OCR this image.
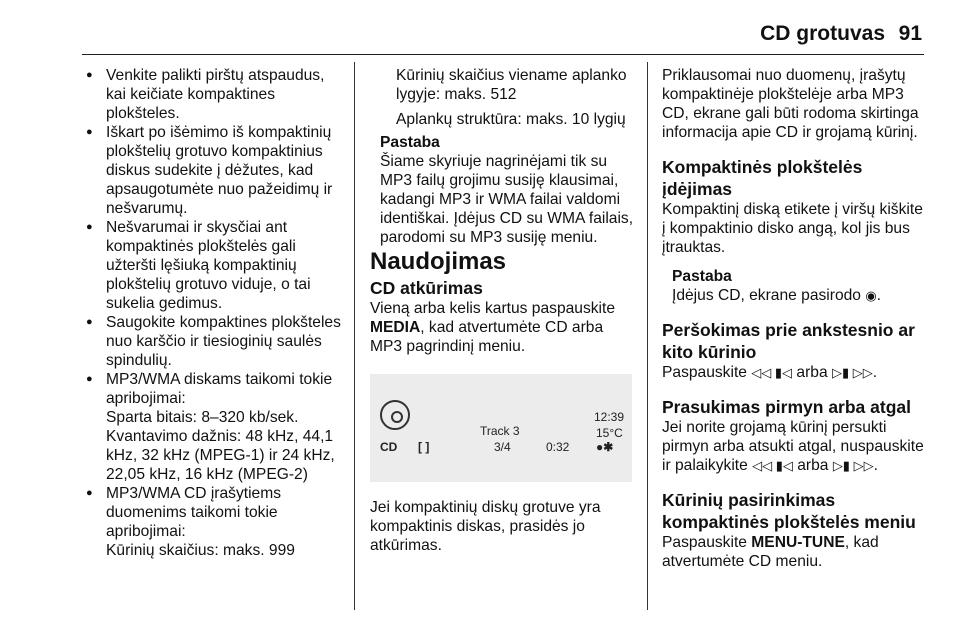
CD grotuvas 91

● Venkite palikti pirštų atspaudus, kai keičiate kompaktines plokšteles.

● Iškart po išėmimo iš kompaktinių plokštelių grotuvo kompaktinius diskus sudekite į dėžutes, kad apsaugotumėte nuo pažeidimų ir nešvarumų.

● Nešvarumai ir skysčiai ant kompaktinės plokštelės gali užteršti lęšiuką kompaktinių plokštelių grotuvo viduje, o tai sukelia gedimus.

● Saugokite kompaktines plokšteles nuo karščio ir tiesioginių saulės spindulių.

● MP3/WMA diskams taikomi tokie apribojimai:

Sparta bitais: 8–320 kb/sek.

Kvantavimo dažnis: 48 kHz, 44,1 kHz, 32 kHz (MPEG-1) ir 24 kHz, 22,05 kHz, 16 kHz (MPEG-2)

● MP3/WMA CD įrašytiems duomenims taikomi tokie apribojimai:

Kūrinių skaičius: maks. 999

Kūrinių skaičius viename aplanko lygyje: maks. 512

Aplankų struktūra: maks. 10 lygių

Pastaba

Šiame skyriuje nagrinėjami tik su MP3 failų grojimu susiję klausimai, kadangi MP3 ir WMA failai valdomi identiškai. Įdėjus CD su WMA failais, parodomi su MP3 susiję meniu.

Naudojimas

CD atkūrimas

Vieną arba kelis kartus paspauskite MEDIA, kad atvertumėte CD arba MP3 pagrindinį meniu.

CD [ ]
Track 3
3/4	0:32
12:39
15°C
●✱

Jei kompaktinių diskų grotuve yra kompaktinis diskas, prasidės jo atkūrimas.

Priklausomai nuo duomenų, įrašytų kompaktinėje plokštelėje arba MP3 CD, ekrane gali būti rodoma skirtinga informacija apie CD ir grojamą kūrinį.

Kompaktinės plokštelės įdėjimas

Kompaktinį diską etikete į viršų kiškite į kompaktinio disko angą, kol jis bus įtrauktas.

Pastaba

Įdėjus CD, ekrane pasirodo ◉.

Peršokimas prie ankstesnio ar kito kūrinio

Paspauskite ◁◁ ▮◁ arba ▷▮ ▷▷.

Prasukimas pirmyn arba atgal

Jei norite grojamą kūrinį persukti pirmyn arba atsukti atgal, nuspauskite ir palaikykite ◁◁ ▮◁ arba ▷▮ ▷▷.

Kūrinių pasirinkimas kompaktinės plokštelės meniu

Paspauskite MENU-TUNE, kad atvertumėte CD meniu.
